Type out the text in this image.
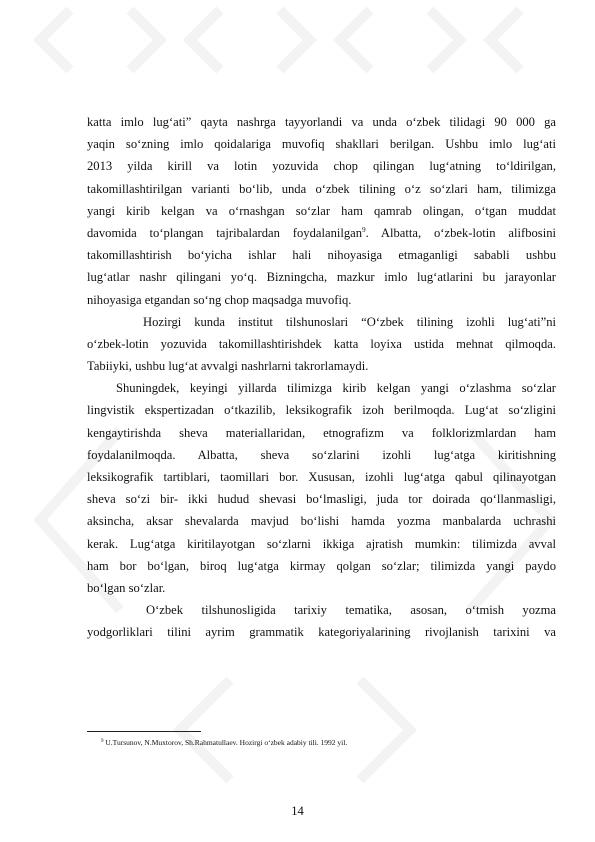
katta imlo lug‘ati” qayta nashrga tayyorlandi va unda o‘zbek tilidagi 90 000 ga
yaqin so‘zning imlo qoidalariga muvofiq shakllari berilgan. Ushbu imlo lug‘ati
2013 yilda kirill va lotin yozuvida chop qilingan lug‘atning to‘ldirilgan,
takomillashtirilgan varianti bo‘lib, unda o‘zbek tilining o‘z so‘zlari ham, tilimizga
yangi kirib kelgan va o‘rnashgan so‘zlar ham qamrab olingan, o‘tgan muddat
davomida to‘plangan tajribalardan foydalanilgan$^9$. Albatta, o‘zbek-lotin alifbosini
takomillashtirish bo‘yicha ishlar hali nihoyasiga etmaganligi sababli ushbu
lug‘atlar nashr qilingani yo‘q. Bizningcha, mazkur imlo lug‘atlarini bu jarayonlar
nihoyasiga etgandan so‘ng chop maqsadga muvofiq.
Hozirgi kunda institut tilshunoslari “O‘zbek tilining izohli lug‘ati”ni
o‘zbek-lotin yozuvida takomillashtirishdek katta loyixa ustida mehnat qilmoqda.
Tabiiyki, ushbu lug‘at avvalgi nashrlarni takrorlamaydi.
Shuningdek, keyingi yillarda tilimizga kirib kelgan yangi o‘zlashma so‘zlar
lingvistik ekspertizadan o‘tkazilib, leksikografik izoh berilmoqda. Lug‘at so‘zligini
kengaytirishda sheva materiallaridan, etnografizm va folklorizmlardan ham
foydalanilmoqda. Albatta, sheva so‘zlarini izohli lug‘atga kiritishning
leksikografik tartiblari, taomillari bor. Xususan, izohli lug‘atga qabul qilinayotgan
sheva so‘zi bir- ikki hudud shevasi bo‘lmasligi, juda tor doirada qo‘llanmasligi,
aksincha, aksar shevalarda mavjud bo‘lishi hamda yozma manbalarda uchrashi
kerak. Lug‘atga kiritilayotgan so‘zlarni ikkiga ajratish mumkin: tilimizda avval
ham bor bo‘lgan, biroq lug‘atga kirmay qolgan so‘zlar; tilimizda yangi paydo
bo‘lgan so‘zlar.
O‘zbek tilshunosligida tarixiy tematika, asosan, o‘tmish yozma
yodgorliklari tilini ayrim grammatik kategoriyalarining rivojlanish tarixini va
$^9$ U.Tursunov, N.Muxtorov, Sh.Rahmatullaev. Hozirgi o‘zbek adabiy tili. 1992 yil.
14
